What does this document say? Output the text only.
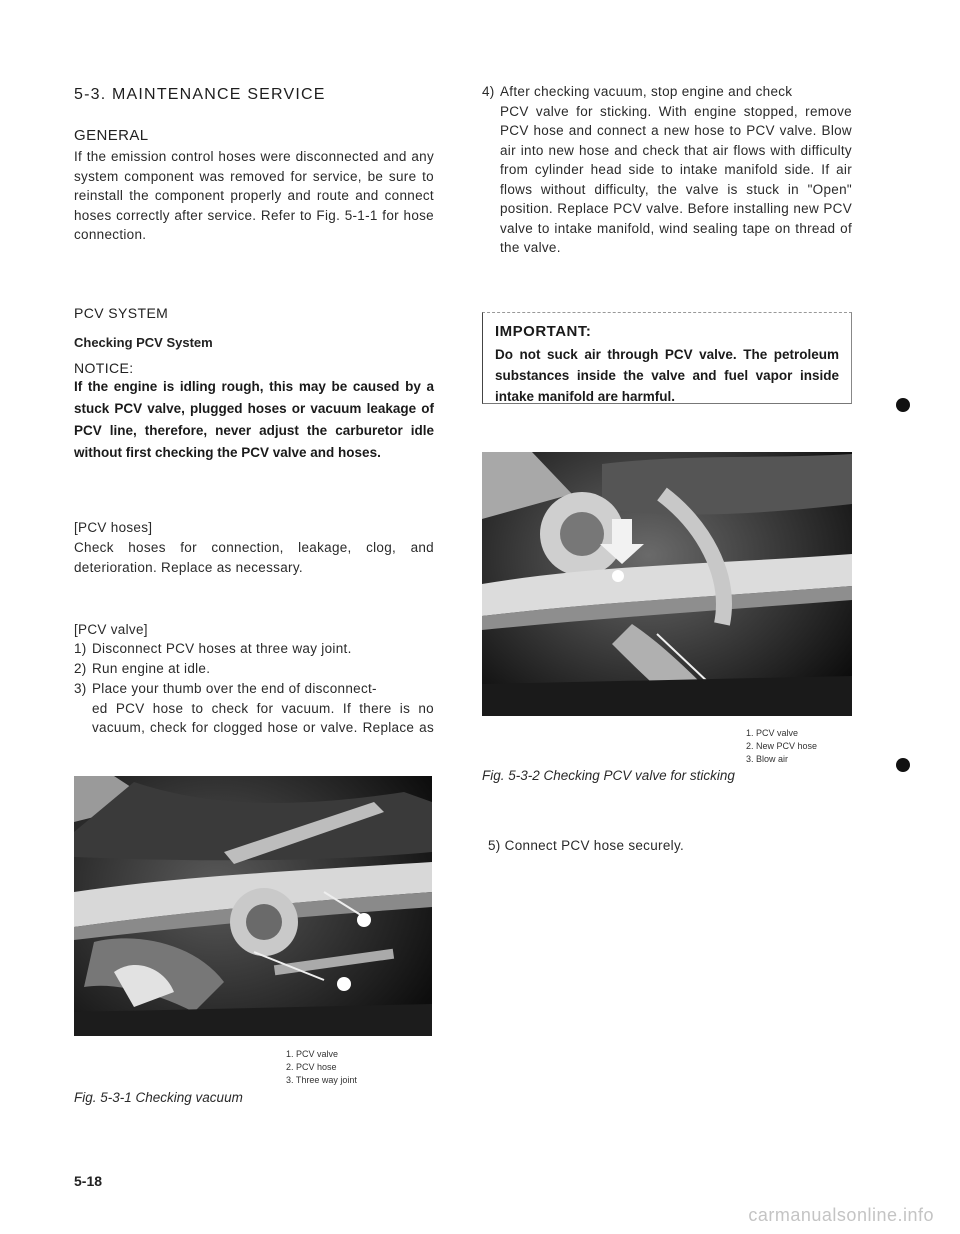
5-3. MAINTENANCE SERVICE
GENERAL
If the emission control hoses were disconnected and any system component was removed for service, be sure to reinstall the component properly and route and connect hoses correctly after service. Refer to Fig. 5-1-1 for hose connection.
PCV SYSTEM
Checking PCV System
NOTICE:
If the engine is idling rough, this may be caused by a stuck PCV valve, plugged hoses or vacuum leakage of PCV line, therefore, never adjust the carburetor idle without first checking the PCV valve and hoses.
[PCV hoses]
Check hoses for connection, leakage, clog, and deterioration. Replace as necessary.
[PCV valve]
1) Disconnect PCV hoses at three way joint.
2) Run engine at idle.
3) Place your thumb over the end of disconnect-
ed PCV hose to check for vacuum. If there is no vacuum, check for clogged hose or valve. Replace as
1. PCV valve
2. PCV hose
3. Three way joint
Fig. 5-3-1 Checking vacuum
5-18
4) After checking vacuum, stop engine and check
PCV valve for sticking. With engine stopped, remove PCV hose and connect a new hose to PCV valve. Blow air into new hose and check that air flows with difficulty from cylinder head side to intake manifold side. If air flows without difficulty, the valve is stuck in "Open" position. Replace PCV valve. Before installing new PCV valve to intake manifold, wind sealing tape on thread of the valve.
IMPORTANT:
Do not suck air through PCV valve. The petroleum substances inside the valve and fuel vapor inside intake manifold are harmful.
1. PCV valve
2. New PCV hose
3. Blow air
Fig. 5-3-2 Checking PCV valve for sticking
5) Connect PCV hose securely.
carmanualsonline.info
